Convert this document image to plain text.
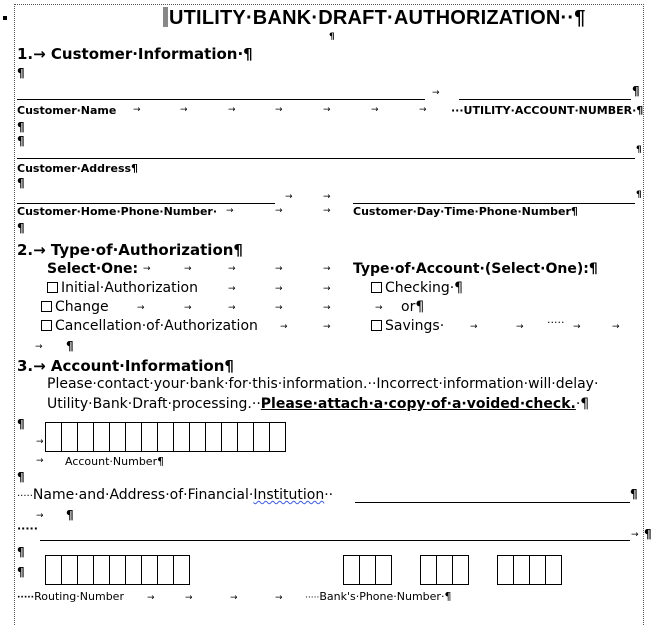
UTILITY·BANK·DRAFT·AUTHORIZATION··¶
¶
1.→ Customer·Information·¶
¶
→	¶
Customer·Name →	→	→	→	→	→	→ ···UTILITY·ACCOUNT·NUMBER·¶
¶
¶
¶
Customer·Address¶
¶
→	→	¶
Customer·Home·Phone·Number· →	→	→ Customer·Day·Time·Phone·Number¶
¶
2.→ Type·of·Authorization¶
Select·One: →	→	→	→	→ Type·of·Account·(Select·One):¶
Initial·Authorization	→	→	→	Checking·¶
Change	→	→	→	→	→	→ or¶
Cancellation·of·Authorization →	→	Savings·	→	→ ····· →	→
→ ¶
3.→ Account·Information¶
Please·contact·your·bank·for·this·information.··Incorrect·information·will·delay·
Utility·Bank·Draft·processing.··Please·attach·a·copy·of·a·voided·check.·¶
¶
→
→ Account·Number¶
¶
·····Name·and·Address·of·Financial·Institution··	¶
→ ¶
·····	→ ¶
¶
¶
·····Routing·Number	→	→	→	→ ·····Bank's·Phone·Number·¶
